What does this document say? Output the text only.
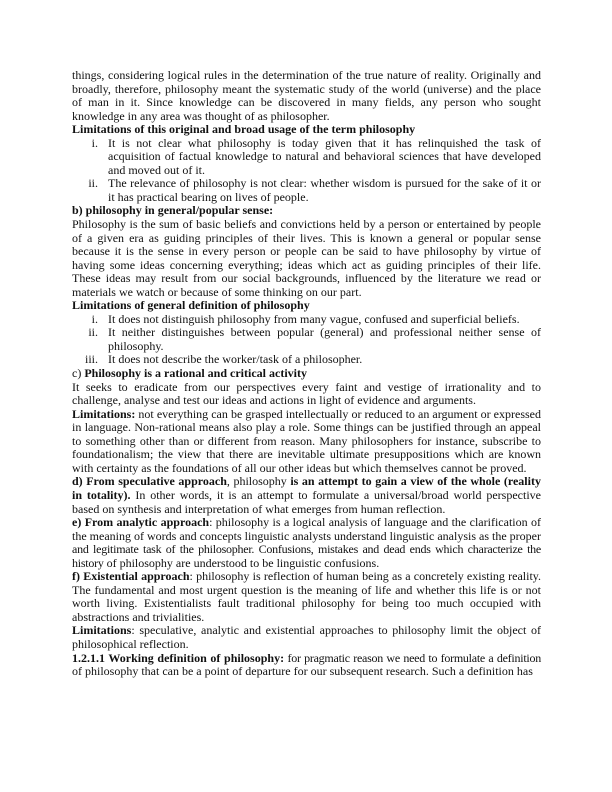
things, considering logical rules in the determination of the true nature of reality. Originally and broadly, therefore, philosophy meant the systematic study of the world (universe) and the place of man in it. Since knowledge can be discovered in many fields, any person who sought knowledge in any area was thought of as philosopher.

Limitations of this original and broad usage of the term philosophy

i. It is not clear what philosophy is today given that it has relinquished the task of acquisition of factual knowledge to natural and behavioral sciences that have developed and moved out of it.
ii. The relevance of philosophy is not clear: whether wisdom is pursued for the sake of it or it has practical bearing on lives of people.

b) philosophy in general/popular sense:

Philosophy is the sum of basic beliefs and convictions held by a person or entertained by people of a given era as guiding principles of their lives. This is known a general or popular sense because it is the sense in every person or people can be said to have philosophy by virtue of having some ideas concerning everything; ideas which act as guiding principles of their life. These ideas may result from our social backgrounds, influenced by the literature we read or materials we watch or because of some thinking on our part.

Limitations of general definition of philosophy

i. It does not distinguish philosophy from many vague, confused and superficial beliefs.
ii. It neither distinguishes between popular (general) and professional neither sense of philosophy.
iii. It does not describe the worker/task of a philosopher.

c) Philosophy is a rational and critical activity

It seeks to eradicate from our perspectives every faint and vestige of irrationality and to challenge, analyse and test our ideas and actions in light of evidence and arguments.

Limitations: not everything can be grasped intellectually or reduced to an argument or expressed in language. Non-rational means also play a role. Some things can be justified through an appeal to something other than or different from reason. Many philosophers for instance, subscribe to foundationalism; the view that there are inevitable ultimate presuppositions which are known with certainty as the foundations of all our other ideas but which themselves cannot be proved.

d) From speculative approach, philosophy is an attempt to gain a view of the whole (reality in totality). In other words, it is an attempt to formulate a universal/broad world perspective based on synthesis and interpretation of what emerges from human reflection.

e) From analytic approach: philosophy is a logical analysis of language and the clarification of the meaning of words and concepts linguistic analysts understand linguistic analysis as the proper and legitimate task of the philosopher. Confusions, mistakes and dead ends which characterize the history of philosophy are understood to be linguistic confusions.

f) Existential approach: philosophy is reflection of human being as a concretely existing reality. The fundamental and most urgent question is the meaning of life and whether this life is or not worth living. Existentialists fault traditional philosophy for being too much occupied with abstractions and trivialities.

Limitations: speculative, analytic and existential approaches to philosophy limit the object of philosophical reflection.

1.2.1.1 Working definition of philosophy: for pragmatic reason we need to formulate a definition of philosophy that can be a point of departure for our subsequent research. Such a definition has
